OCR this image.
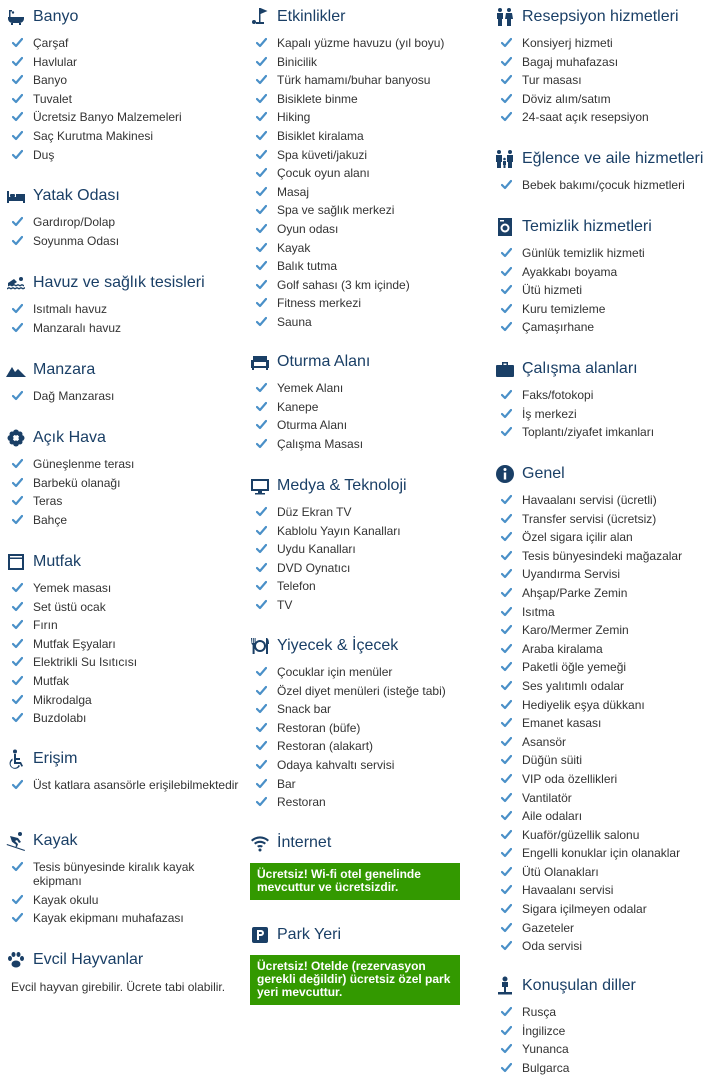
Banyo
Çarşaf
Havlular
Banyo
Tuvalet
Ücretsiz Banyo Malzemeleri
Saç Kurutma Makinesi
Duş
Yatak Odası
Gardırop/Dolap
Soyunma Odası
Havuz ve sağlık tesisleri
Isıtmalı havuz
Manzaralı havuz
Manzara
Dağ Manzarası
Açık Hava
Güneşlenme terası
Barbekü olanağı
Teras
Bahçe
Mutfak
Yemek masası
Set üstü ocak
Fırın
Mutfak Eşyaları
Elektrikli Su Isıtıcısı
Mutfak
Mikrodalga
Buzdolabı
Erişim
Üst katlara asansörle erişilebilmektedir
Kayak
Tesis bünyesinde kiralık kayak ekipmanı
Kayak okulu
Kayak ekipmanı muhafazası
Evcil Hayvanlar
Evcil hayvan girebilir. Ücrete tabi olabilir.
Etkinlikler
Kapalı yüzme havuzu (yıl boyu)
Binicilik
Türk hamamı/buhar banyosu
Bisiklete binme
Hiking
Bisiklet kiralama
Spa küveti/jakuzi
Çocuk oyun alanı
Masaj
Spa ve sağlık merkezi
Oyun odası
Kayak
Balık tutma
Golf sahası (3 km içinde)
Fitness merkezi
Sauna
Oturma Alanı
Yemek Alanı
Kanepe
Oturma Alanı
Çalışma Masası
Medya & Teknoloji
Düz Ekran TV
Kablolu Yayın Kanalları
Uydu Kanalları
DVD Oynatıcı
Telefon
TV
Yiyecek & İçecek
Çocuklar için menüler
Özel diyet menüleri (isteğe tabi)
Snack bar
Restoran (büfe)
Restoran (alakart)
Odaya kahvaltı servisi
Bar
Restoran
İnternet
Ücretsiz! Wi-fi otel genelinde mevcuttur ve ücretsizdir.
Park Yeri
Ücretsiz! Otelde (rezervasyon gerekli değildir) ücretsiz özel park yeri mevcuttur.
Resepsiyon hizmetleri
Konsiyerj hizmeti
Bagaj muhafazası
Tur masası
Döviz alım/satım
24-saat açık resepsiyon
Eğlence ve aile hizmetleri
Bebek bakımı/çocuk hizmetleri
Temizlik hizmetleri
Günlük temizlik hizmeti
Ayakkabı boyama
Ütü hizmeti
Kuru temizleme
Çamaşırhane
Çalışma alanları
Faks/fotokopi
İş merkezi
Toplantı/ziyafet imkanları
Genel
Havaalanı servisi (ücretli)
Transfer servisi (ücretsiz)
Özel sigara içilir alan
Tesis bünyesindeki mağazalar
Uyandırma Servisi
Ahşap/Parke Zemin
Isıtma
Karo/Mermer Zemin
Araba kiralama
Paketli öğle yemeği
Ses yalıtımlı odalar
Hediyelik eşya dükkanı
Emanet kasası
Asansör
Düğün süiti
VIP oda özellikleri
Vantilatör
Aile odaları
Kuaför/güzellik salonu
Engelli konuklar için olanaklar
Ütü Olanakları
Havaalanı servisi
Sigara içilmeyen odalar
Gazeteler
Oda servisi
Konuşulan diller
Rusça
İngilizce
Yunanca
Bulgarca
